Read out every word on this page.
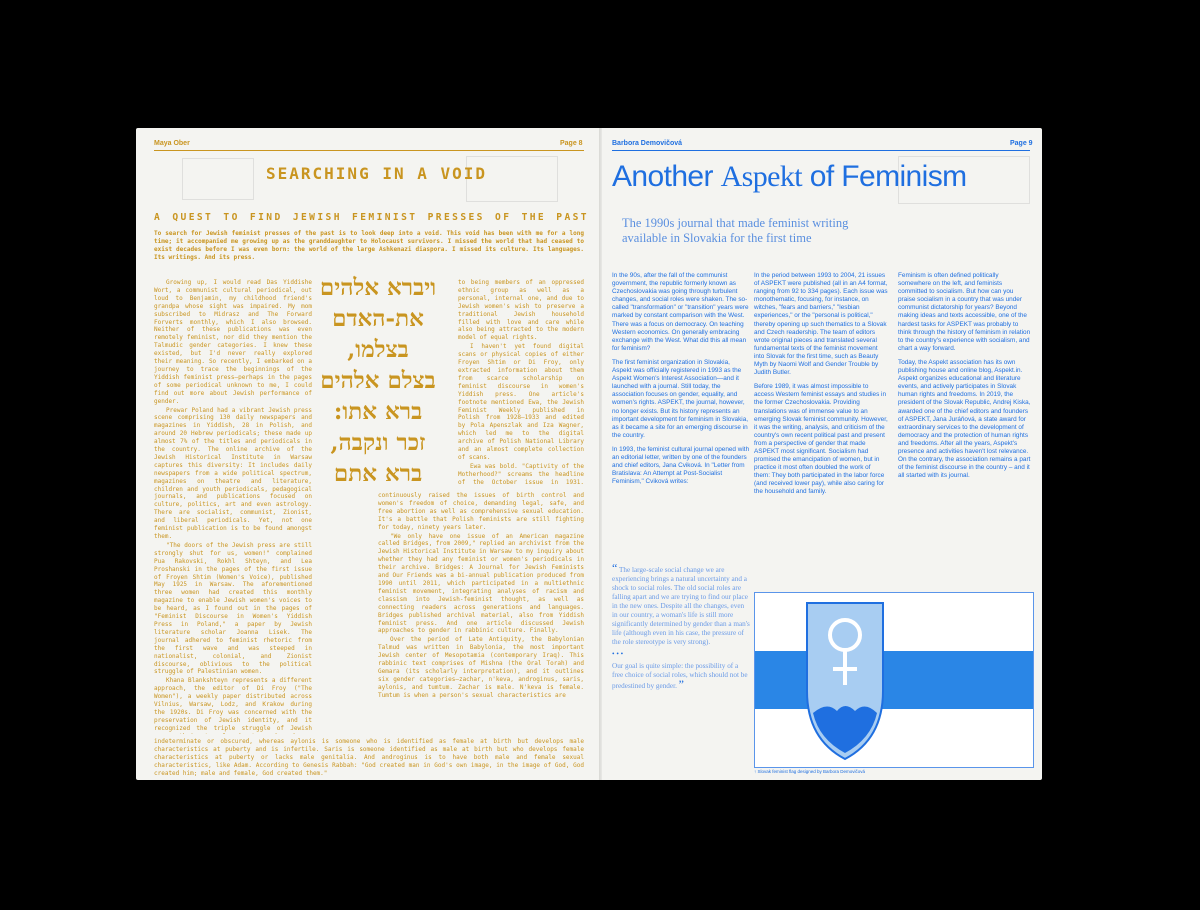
Maya Ober	Page 8
SEARCHING IN A VOID
A QUEST TO FIND JEWISH FEMINIST PRESSES OF THE PAST

To search for Jewish feminist presses of the past is to look deep into a void. This void has been with me for a long time; it accompanied me growing up as the granddaughter to Holocaust survivors. I missed the world that had ceased to exist decades before I was even born: the world of the large Ashkenazi diaspora. I missed its culture. Its languages. Its writings. And its press.

Growing up, I would read Das Yiddishe Wort, a communist cultural periodical, out loud to Benjamin, my childhood friend's grandpa whose sight was impaired. My mom subscribed to Midrasz and The Forward Forverts monthly, which I also browsed. Neither of these publications was even remotely feminist, nor did they mention the Talmudic gender categories. I knew these existed, but I'd never really explored their meaning. So recently, I embarked on a journey to trace the beginnings of the Yiddish feminist press—perhaps in the pages of some periodical unknown to me, I could find out more about Jewish performance of gender.

Prewar Poland had a vibrant Jewish press scene comprising 130 daily newspapers and magazines in Yiddish, 28 in Polish, and around 20 Hebrew periodicals; these made up almost 7% of the titles and periodicals in the country. The online archive of the Jewish Historical Institute in Warsaw captures this diversity: It includes daily newspapers from a wide political spectrum, magazines on theatre and literature, children and youth periodicals, pedagogical journals, and publications focused on culture, politics, art and even astrology. There are socialist, communist, Zionist, and liberal periodicals. Yet, not one feminist publication is to be found amongst them.

"The doors of the Jewish press are still strongly shut for us, women!" complained Pua Rakovski, Rokhl Shteyn, and Lea Proshanski in the pages of the first issue of Froyen Shtim (Women's Voice), published May 1925 in Warsaw. The aforementioned three women had created this monthly magazine to enable Jewish women's voices to be heard, as I found out in the pages of "Feminist Discourse in Women's Yiddish Press in Poland," a paper by Jewish literature scholar Joanna Lisek. The journal adhered to feminist rhetoric from the first wave and was steeped in nationalist, colonial, and Zionist discourse, oblivious to the political struggle of Palestinian women.

Khana Blankshteyn represents a different approach, the editor of Di Froy ("The Women"), a weekly paper distributed across Vilnius, Warsaw, Lodz, and Krakow during the 1920s. Di Froy was concerned with the preservation of Jewish identity, and it recognized the triple struggle of Jewish

ויברא אלהים
את-האדם
בצלמו,
בצלם אלהים
ברא אתו:
זכר ונקבה,
ברא אתם

to being members of an oppressed ethnic group as well as a personal, internal one, and due to Jewish women's wish to preserve a traditional Jewish household filled with love and care while also being attracted to the modern model of equal rights.

I haven't yet found digital scans or physical copies of either Froyen Shtim or Di Froy, only extracted information about them from scarce scholarship on feminist discourse in women's Yiddish press. One article's footnote mentioned Ewa, the Jewish Feminist Weekly published in Polish from 1928–1933 and edited by Pola Apenszlak and Iza Wagner, which led me to the digital archive of Polish National Library and an almost complete collection of scans.

Ewa was bold. "Captivity of the Motherhood?" screams the headline of the October issue in 1931.

continuously raised the issues of birth control and women's freedom of choice, demanding legal, safe, and free abortion as well as comprehensive sexual education. It's a battle that Polish feminists are still fighting for today, ninety years later.

"We only have one issue of an American magazine called Bridges, from 2009," replied an archivist from the Jewish Historical Institute in Warsaw to my inquiry about whether they had any feminist or women's periodicals in their archive. Bridges: A Journal for Jewish Feminists and Our Friends was a bi-annual publication produced from 1990 until 2011, which participated in a multiethnic feminist movement, integrating analyses of racism and classism into Jewish-feminist thought, as well as connecting readers across generations and languages. Bridges published archival material, also from Yiddish feminist press. And one article discussed Jewish approaches to gender in rabbinic culture. Finally.

Over the period of Late Antiquity, the Babylonian Talmud was written in Babylonia, the most important Jewish center of Mesopotamia (contemporary Iraq). This rabbinic text comprises of Mishna (the Oral Torah) and Gemara (its scholarly interpretation), and it outlines six gender categories—zachar, n'keva, androginus, saris, aylonis, and tumtum. Zachar is male. N'keva is female. Tumtum is when a person's sexual characteristics are

indeterminate or obscured, whereas aylonis is someone who is identified as female at birth but develops male characteristics at puberty and is infertile. Saris is someone identified as male at birth but who develops female characteristics at puberty or lacks male genitalia. And androginus is to have both male and female sexual characteristics, like Adam. According to Genesis Rabbah: "God created man in God's own image, in the image of God, God created him; male and female, God created them."

Barbora Demovičová	Page 9
Another Aspekt of Feminism
The 1990s journal that made feminist writing available in Slovakia for the first time

In the 90s, after the fall of the communist government, the republic formerly known as Czechoslovakia was going through turbulent changes, and social roles were shaken. The so-called "transformation" or "transition" years were marked by constant comparison with the West. There was a focus on democracy. On teaching Western economics. On generally embracing exchange with the West. What did this all mean for feminism?

The first feminist organization in Slovakia, Aspekt was officially registered in 1993 as the Aspekt Women's Interest Association—and it launched with a journal. Still today, the association focuses on gender, equality, and women's rights. ASPEKT, the journal, however, no longer exists. But its history represents an important development for feminism in Slovakia, as it became a site for an emerging discourse in the country.

In 1993, the feminist cultural journal opened with an editorial letter, written by one of the founders and chief editors, Jana Cviková. In "Letter from Bratislava: An Attempt at Post-Socialist Feminism," Cviková writes:

“ The large-scale social change we are experiencing brings a natural uncertainty and a shock to social roles. The old social roles are falling apart and we are trying to find our place in the new ones. Despite all the changes, even in our country, a woman's life is still more significantly determined by gender than a man's life (although even in his case, the pressure of the role stereotype is very strong).
• • •
Our goal is quite simple: the possibility of a free choice of social roles, which should not be predestined by gender. ”

In the period between 1993 to 2004, 21 issues of ASPEKT were published (all in an A4 format, ranging from 92 to 334 pages). Each issue was monothematic, focusing, for instance, on witches, "fears and barriers," "lesbian experiences," or the "personal is political," thereby opening up such thematics to a Slovak and Czech readership. The team of editors wrote original pieces and translated several fundamental texts of the feminist movement into Slovak for the first time, such as Beauty Myth by Naomi Wolf and Gender Trouble by Judith Butler.

Before 1989, it was almost impossible to access Western feminist essays and studies in the former Czechoslovakia. Providing translations was of immense value to an emerging Slovak feminist community. However, it was the writing, analysis, and criticism of the country's own recent political past and present from a perspective of gender that made ASPEKT most significant. Socialism had promised the emancipation of women, but in practice it most often doubled the work of them: They both participated in the labor force (and received lower pay), while also caring for the household and family.

Feminism is often defined politically somewhere on the left, and feminists committed to socialism. But how can you praise socialism in a country that was under communist dictatorship for years? Beyond making ideas and texts accessible, one of the hardest tasks for ASPEKT was probably to think through the history of feminism in relation to the country's experience with socialism, and chart a way forward.

Today, the Aspekt association has its own publishing house and online blog, Aspekt.in. Aspekt organizes educational and literature events, and actively participates in Slovak human rights and freedoms. In 2019, the president of the Slovak Republic, Andrej Kiska, awarded one of the chief editors and founders of ASPEKT, Jana Juráňová, a state award for extraordinary services to the development of democracy and the protection of human rights and freedoms. After all the years, Aspekt's presence and activities haven't lost relevance. On the contrary, the association remains a part of the feminist discourse in the country – and it all started with its journal.

↑ Slovak feminist flag designed by Barbora Demovičová
